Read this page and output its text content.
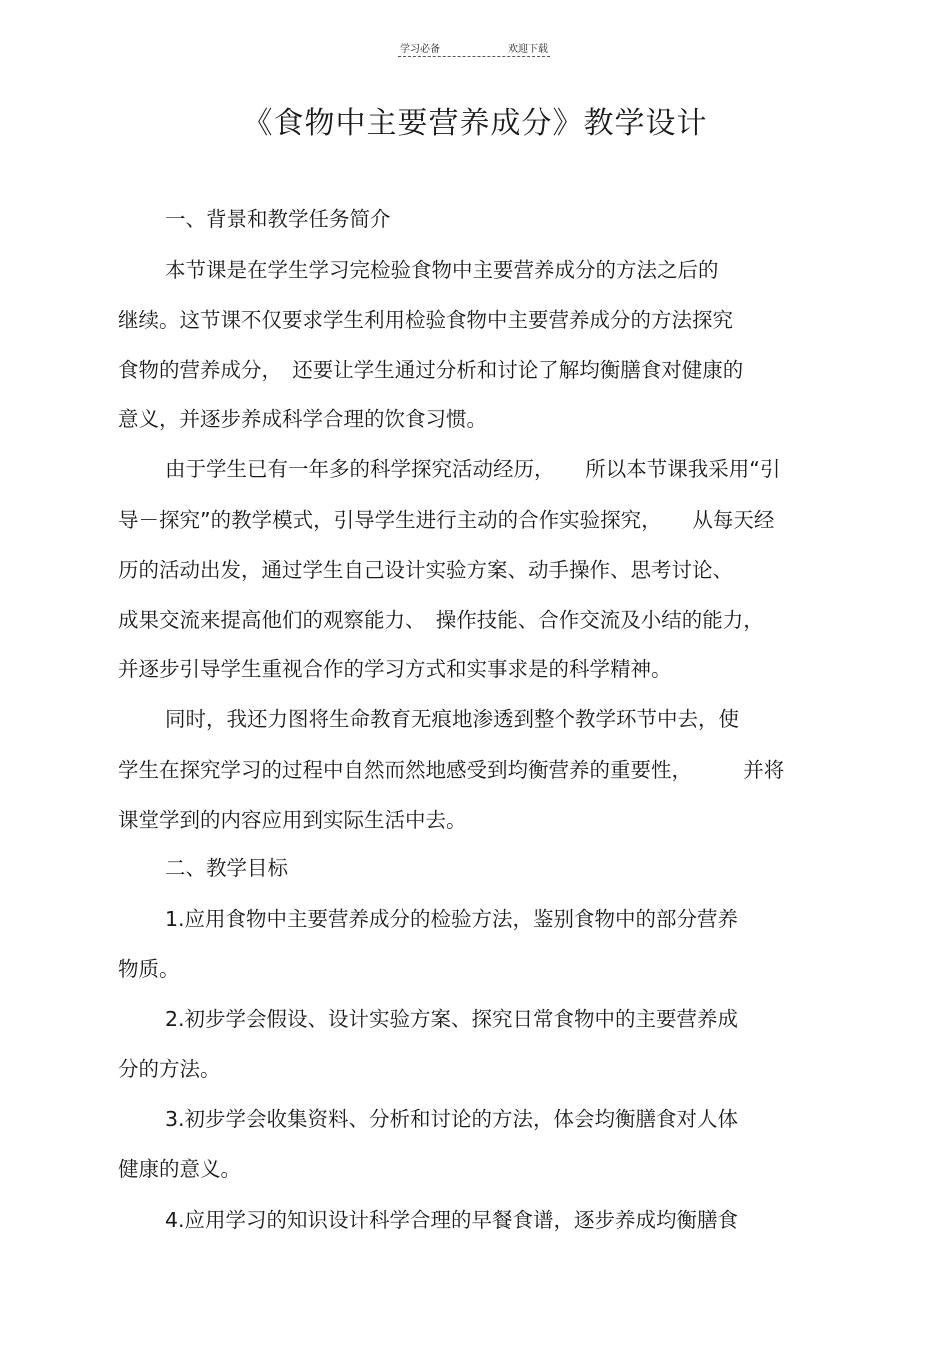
学习必备	欢迎下载
《食物中主要营养成分》教学设计
一、背景和教学任务简介
本节课是在学生学习完检验食物中主要营养成分的方法之后的
继续。这节课不仅要求学生利用检验食物中主要营养成分的方法探究
食物的营养成分，　还要让学生通过分析和讨论了解均衡膳食对健康的
意义，并逐步养成科学合理的饮食习惯。
由于学生已有一年多的科学探究活动经历，　　所以本节课我采用“引
导－探究”的教学模式，引导学生进行主动的合作实验探究，　　从每天经
历的活动出发，通过学生自己设计实验方案、动手操作、思考讨论、
成果交流来提高他们的观察能力、　操作技能、合作交流及小结的能力，
并逐步引导学生重视合作的学习方式和实事求是的科学精神。
同时，我还力图将生命教育无痕地渗透到整个教学环节中去，使
学生在探究学习的过程中自然而然地感受到均衡营养的重要性，　　　并将
课堂学到的内容应用到实际生活中去。
二、教学目标
1.应用食物中主要营养成分的检验方法，鉴别食物中的部分营养
物质。
2.初步学会假设、设计实验方案、探究日常食物中的主要营养成
分的方法。
3.初步学会收集资料、分析和讨论的方法，体会均衡膳食对人体
健康的意义。
4.应用学习的知识设计科学合理的早餐食谱，逐步养成均衡膳食
